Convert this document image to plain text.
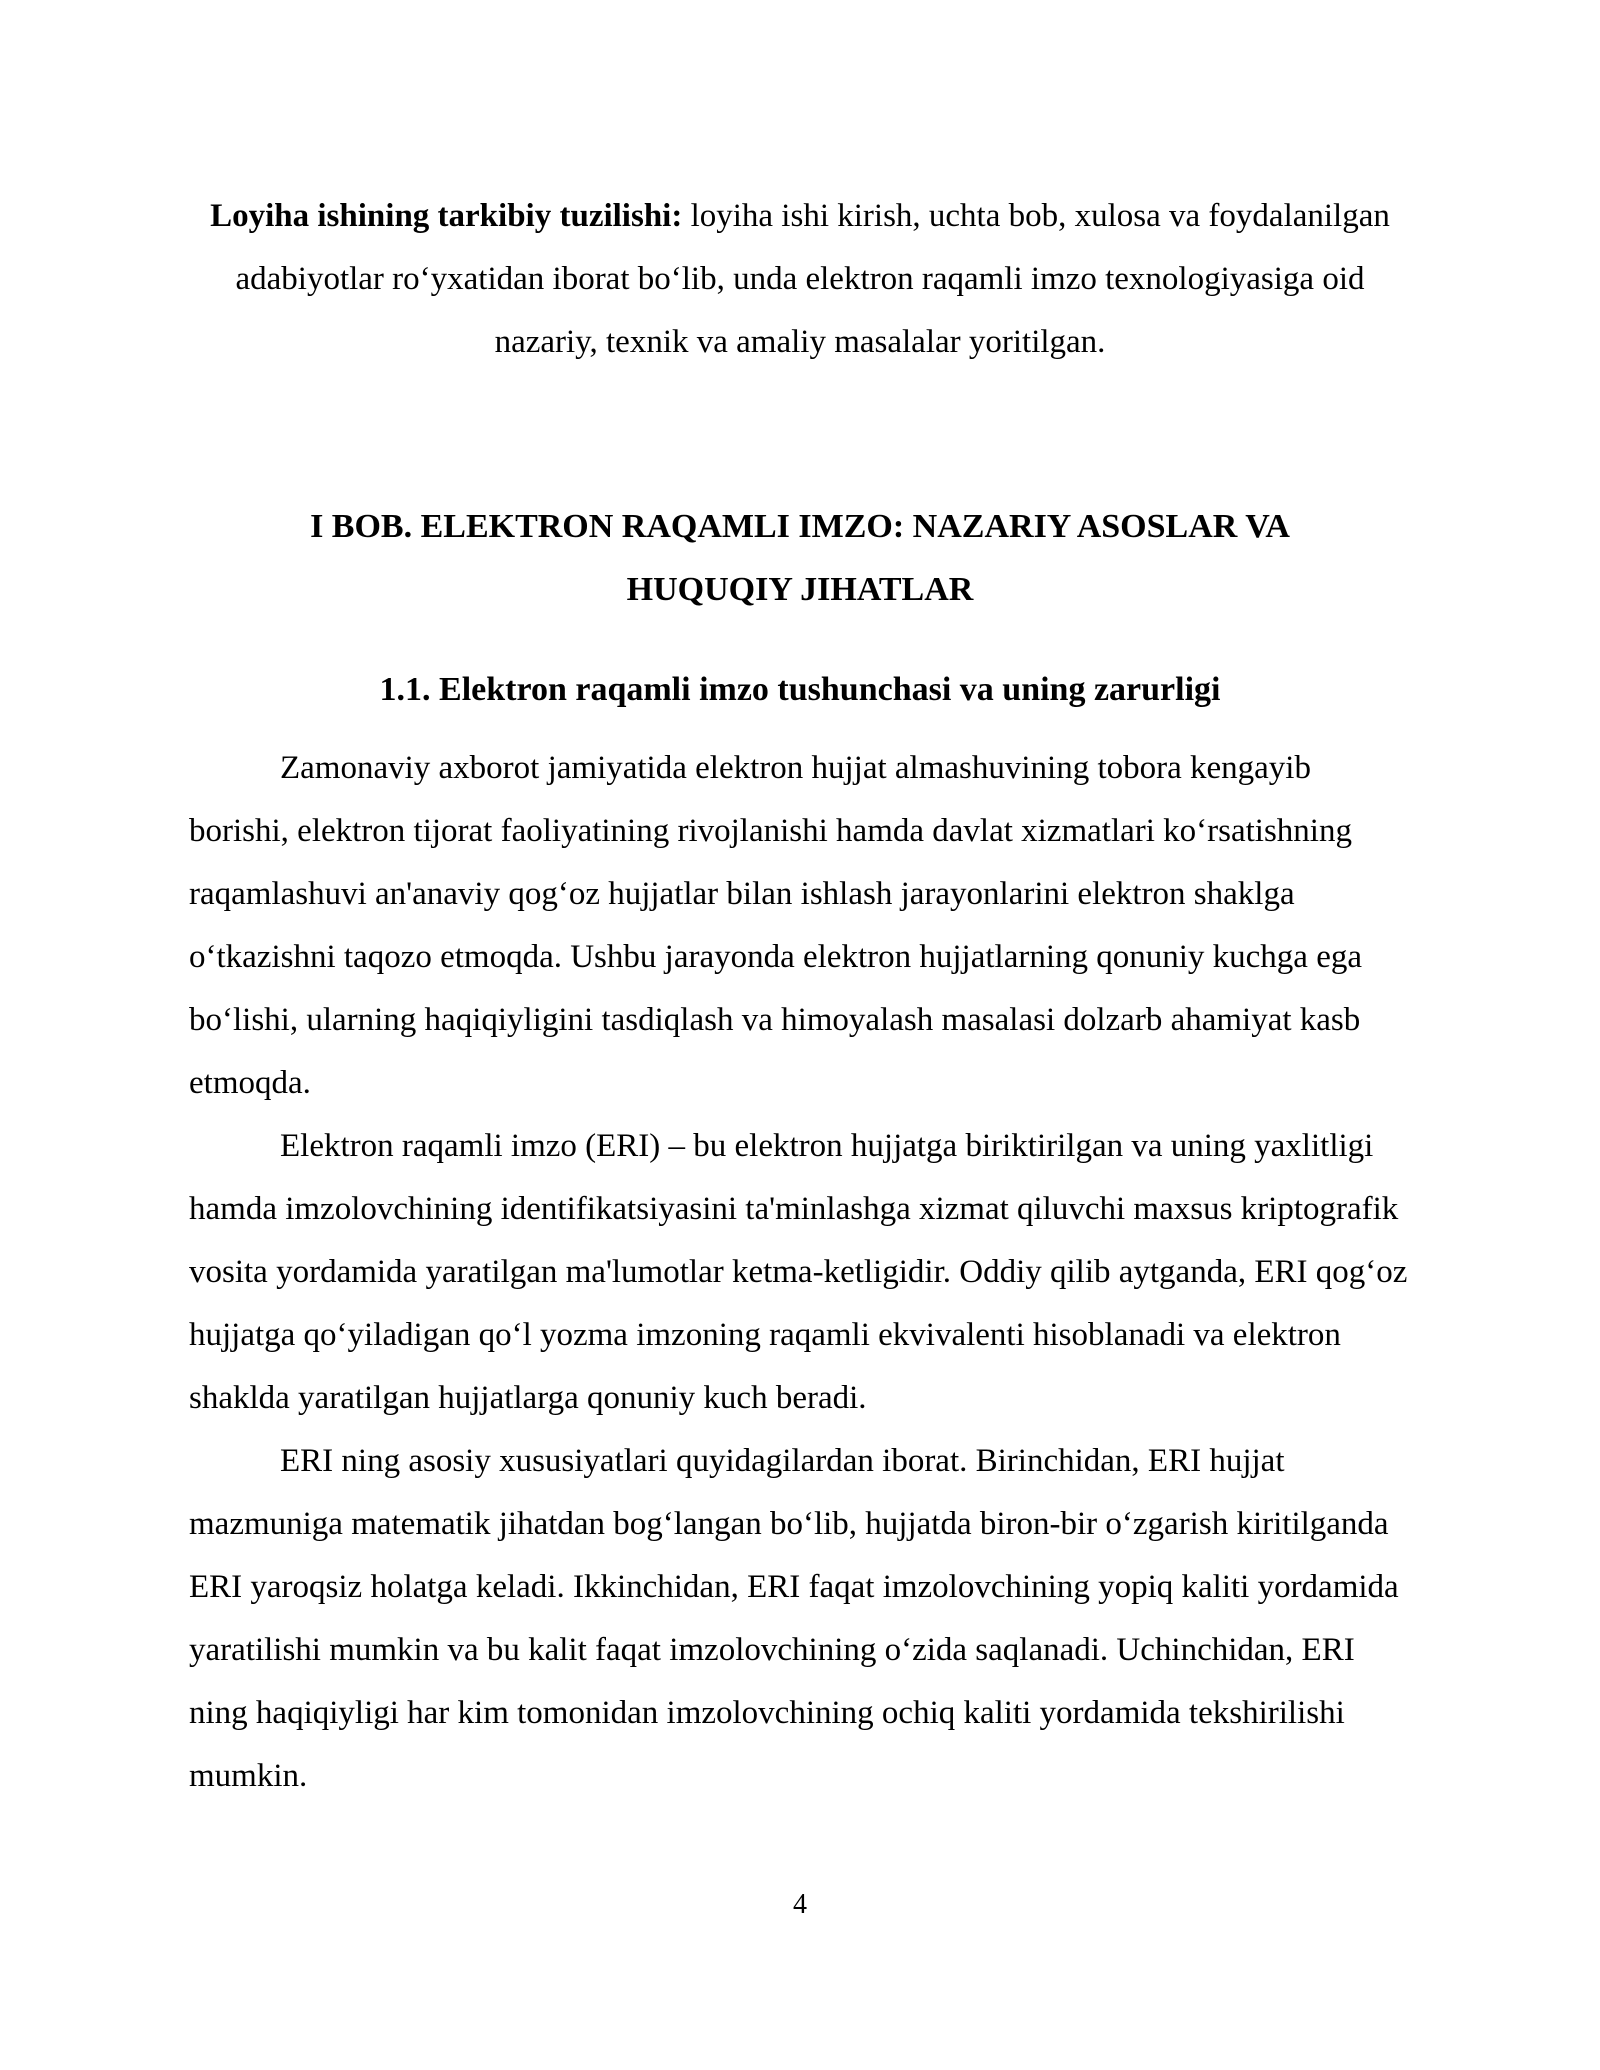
Loyiha ishining tarkibiy tuzilishi: loyiha ishi kirish, uchta bob, xulosa va foydalanilgan adabiyotlar ro‘yxatidan iborat bo‘lib, unda elektron raqamli imzo texnologiyasiga oid nazariy, texnik va amaliy masalalar yoritilgan.

I BOB. ELEKTRON RAQAMLI IMZO: NAZARIY ASOSLAR VA
HUQUQIY JIHATLAR
1.1. Elektron raqamli imzo tushunchasi va uning zarurligi

Zamonaviy axborot jamiyatida elektron hujjat almashuvining tobora kengayib borishi, elektron tijorat faoliyatining rivojlanishi hamda davlat xizmatlari ko‘rsatishning raqamlashuvi an'anaviy qog‘oz hujjatlar bilan ishlash jarayonlarini elektron shaklga o‘tkazishni taqozo etmoqda. Ushbu jarayonda elektron hujjatlarning qonuniy kuchga ega bo‘lishi, ularning haqiqiyligini tasdiqlash va himoyalash masalasi dolzarb ahamiyat kasb etmoqda.

Elektron raqamli imzo (ERI) – bu elektron hujjatga biriktirilgan va uning yaxlitligi hamda imzolovchining identifikatsiyasini ta'minlashga xizmat qiluvchi maxsus kriptografik vosita yordamida yaratilgan ma'lumotlar ketma-ketligidir. Oddiy qilib aytganda, ERI qog‘oz hujjatga qo‘yiladigan qo‘l yozma imzoning raqamli ekvivalenti hisoblanadi va elektron shaklda yaratilgan hujjatlarga qonuniy kuch beradi.

ERI ning asosiy xususiyatlari quyidagilardan iborat. Birinchidan, ERI hujjat mazmuniga matematik jihatdan bog‘langan bo‘lib, hujjatda biron-bir o‘zgarish kiritilganda ERI yaroqsiz holatga keladi. Ikkinchidan, ERI faqat imzolovchining yopiq kaliti yordamida yaratilishi mumkin va bu kalit faqat imzolovchining o‘zida saqlanadi. Uchinchidan, ERI ning haqiqiyligi har kim tomonidan imzolovchining ochiq kaliti yordamida tekshirilishi mumkin.

4
